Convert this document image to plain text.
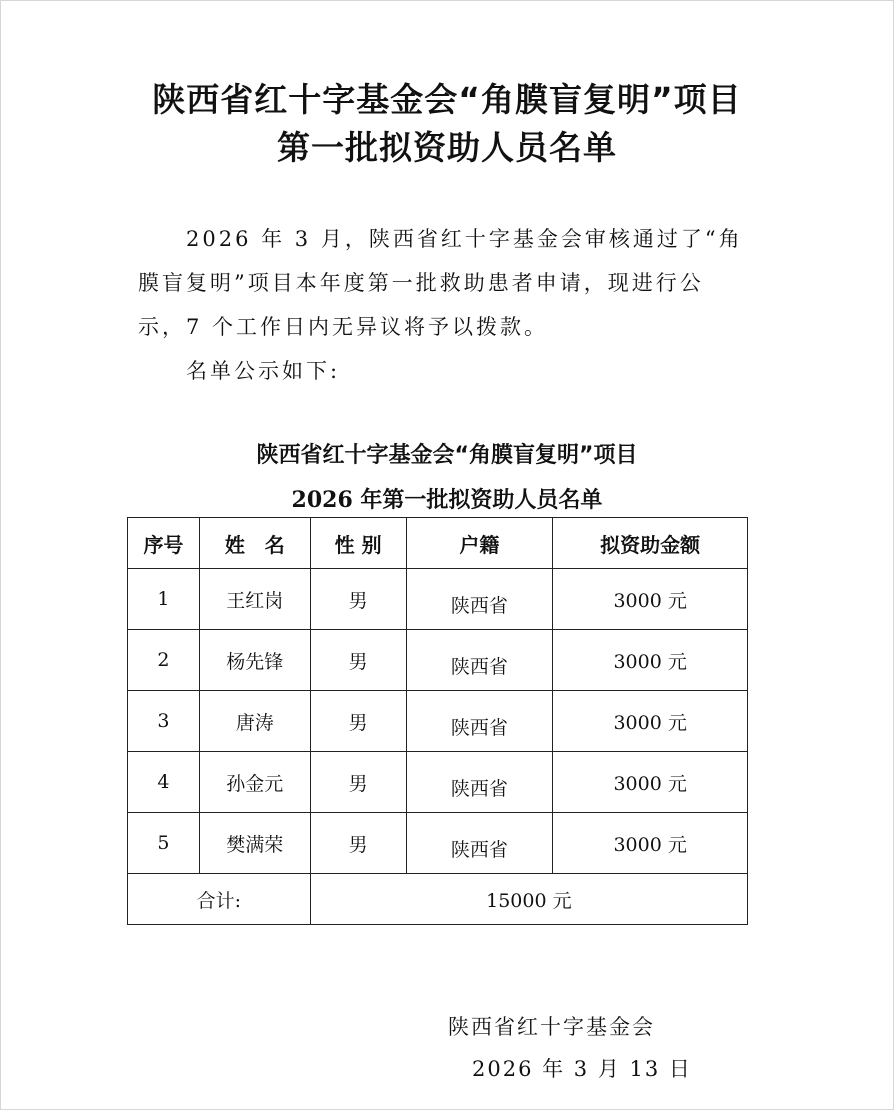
陕西省红十字基金会“角膜盲复明”项目
第一批拟资助人员名单
2026 年 3 月，陕西省红十字基金会审核通过了“角
膜盲复明”项目本年度第一批救助患者申请，现进行公
示，7 个工作日内无异议将予以拨款。
名单公示如下:
陕西省红十字基金会“角膜盲复明”项目
2026 年第一批拟资助人员名单
序号	姓　名	性 别	户籍	拟资助金额
1	王红岗	男	陕西省	3000 元
2	杨先锋	男	陕西省	3000 元
3	唐涛	男	陕西省	3000 元
4	孙金元	男	陕西省	3000 元
5	樊满荣	男	陕西省	3000 元
合计:		15000 元		
陕西省红十字基金会
2026 年 3 月 13 日
